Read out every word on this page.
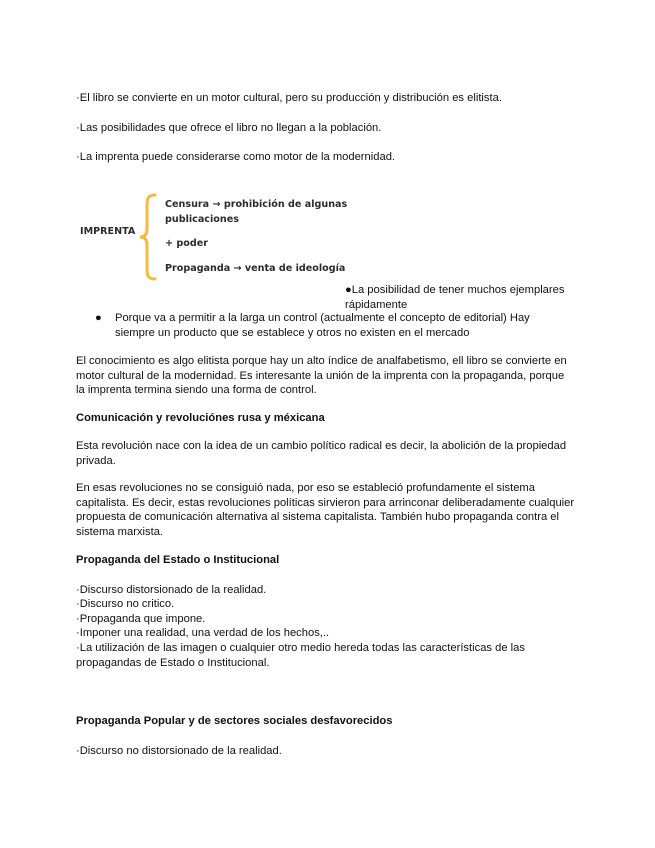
·El libro se convierte en un motor cultural, pero su producción y distribución es elitista.

·Las posibilidades que ofrece el libro no llegan a la población.

·La imprenta puede considerarse como motor de la modernidad.

IMPRENTA
Censura → prohibición de algunas
publicaciones
+ poder
Propaganda → venta de ideología
●La posibilidad de tener muchos ejemplares rápidamente
● Porque va a permitir a la larga un control (actualmente el concepto de editorial) Hay siempre un producto que se establece y otros no existen en el mercado

El conocimiento es algo elitista porque hay un alto índice de analfabetismo, ell libro se convierte en motor cultural de la modernidad. Es interesante la unión de la imprenta con la propaganda, porque la imprenta termina siendo una forma de control.

Comunicación y revoluciónes rusa y méxicana

Esta revolución nace con la idea de un cambio político radical es decir, la abolición de la propiedad privada.

En esas revoluciones no se consiguió nada, por eso se estableció profundamente el sistema capitalista. Es decir, estas revoluciones políticas sirvieron para arrinconar deliberadamente cualquier propuesta de comunicación alternativa al sistema capitalista. También hubo propaganda contra el sistema marxista.

Propaganda del Estado o Institucional

·Discurso distorsionado de la realidad.

·Discurso no critico.

·Propaganda que impone.

·Imponer una realidad, una verdad de los hechos,..

·La utilización de las imagen o cualquier otro medio hereda todas las características de las propagandas de Estado o Institucional.

Propaganda Popular y de sectores sociales desfavorecidos

·Discurso no distorsionado de la realidad.
